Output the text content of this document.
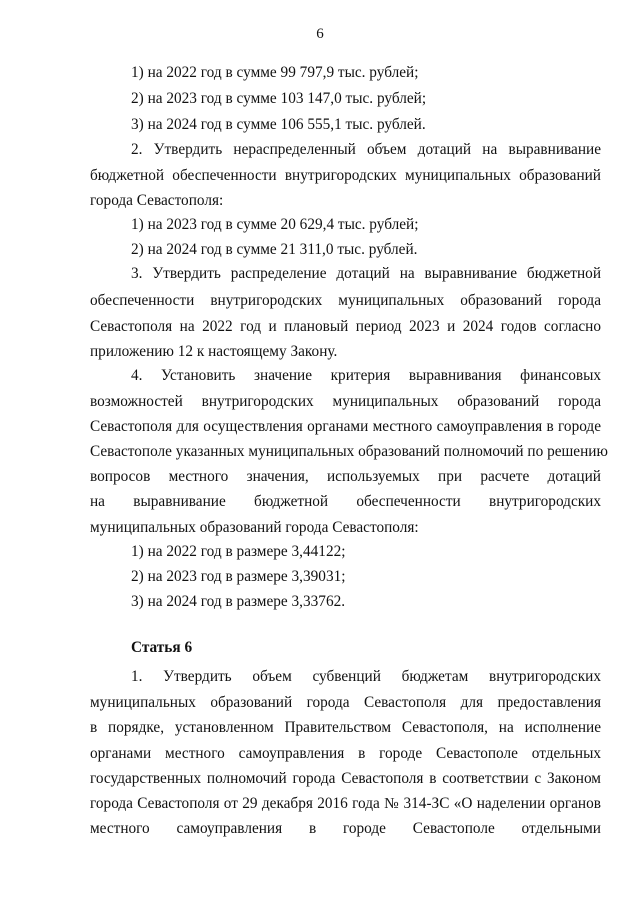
6
1) на 2022 год в сумме 99 797,9 тыс. рублей;
2) на 2023 год в сумме 103 147,0 тыс. рублей;
3) на 2024 год в сумме 106 555,1 тыс. рублей.
2. Утвердить нераспределенный объем дотаций на выравнивание
бюджетной обеспеченности внутригородских муниципальных образований
города Севастополя:
1) на 2023 год в сумме 20 629,4 тыс. рублей;
2) на 2024 год в сумме 21 311,0 тыс. рублей.
3. Утвердить распределение дотаций на выравнивание бюджетной
обеспеченности внутригородских муниципальных образований города
Севастополя на 2022 год и плановый период 2023 и 2024 годов согласно
приложению 12 к настоящему Закону.
4. Установить значение критерия выравнивания финансовых
возможностей внутригородских муниципальных образований города
Севастополя для осуществления органами местного самоуправления в городе
Севастополе указанных муниципальных образований полномочий по решению
вопросов местного значения, используемых при расчете дотаций
на выравнивание бюджетной обеспеченности внутригородских
муниципальных образований города Севастополя:
1) на 2022 год в размере 3,44122;
2) на 2023 год в размере 3,39031;
3) на 2024 год в размере 3,33762.
Статья 6
1. Утвердить объем субвенций бюджетам внутригородских
муниципальных образований города Севастополя для предоставления
в порядке, установленном Правительством Севастополя, на исполнение
органами местного самоуправления в городе Севастополе отдельных
государственных полномочий города Севастополя в соответствии с Законом
города Севастополя от 29 декабря 2016 года № 314-ЗС «О наделении органов
местного самоуправления в городе Севастополе отдельными
